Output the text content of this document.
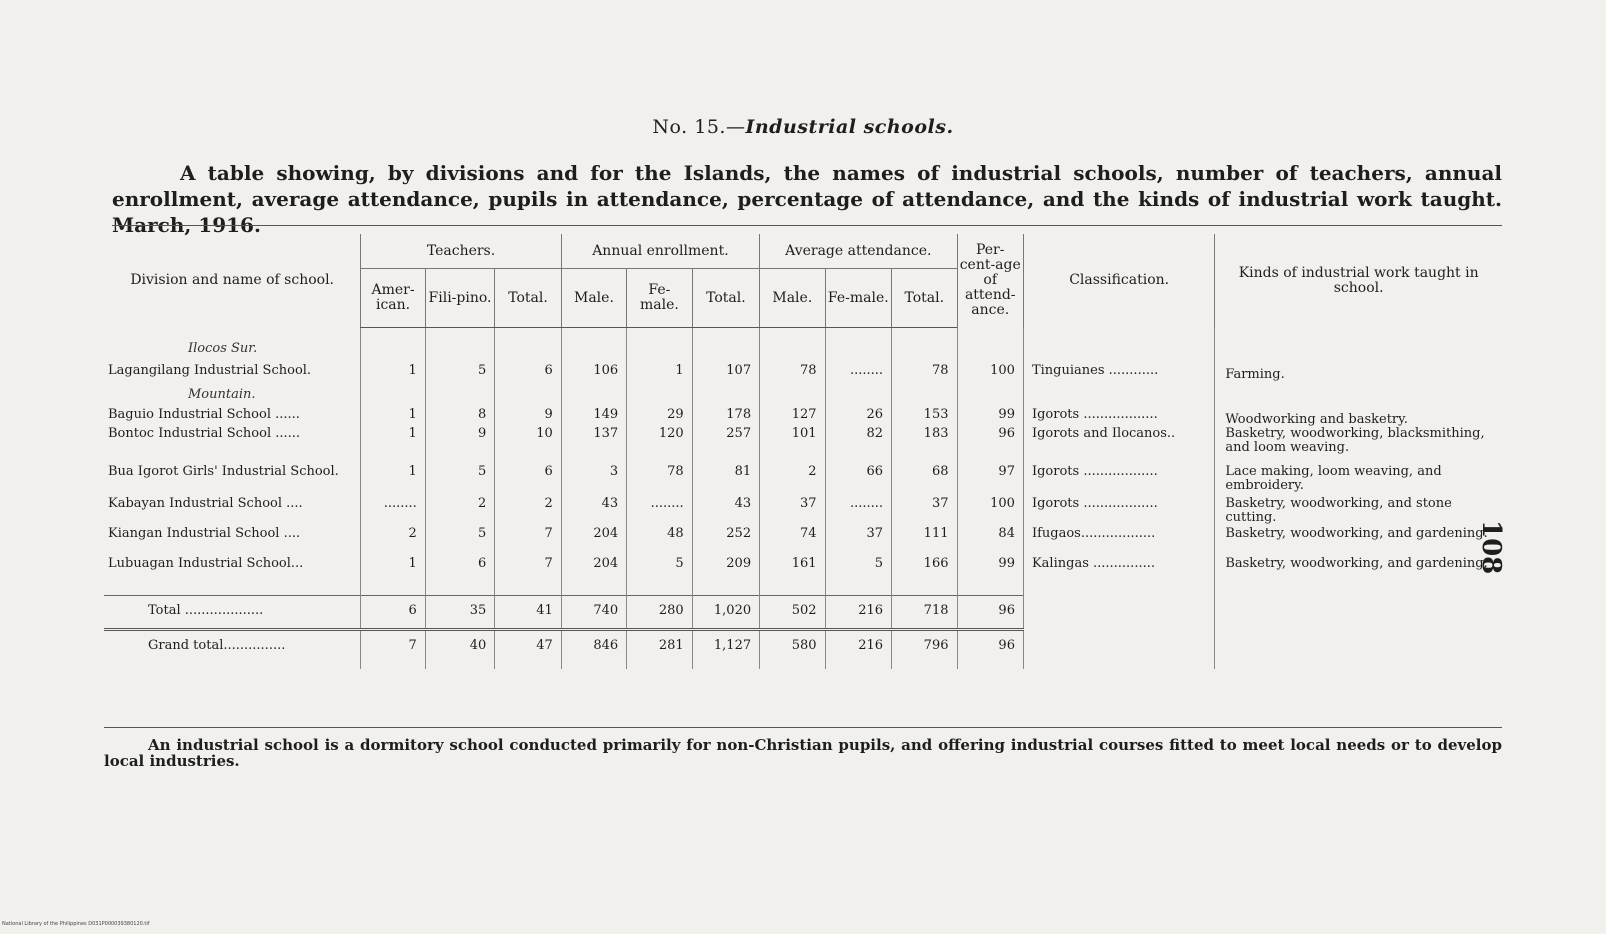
No. 15.—Industrial schools.
A table showing, by divisions and for the Islands, the names of industrial schools, number of teachers, annual enrollment, average attendance, pupils in attendance, percentage of attendance, and the kinds of industrial work taught. March, 1916.
Division and name of school.	Teachers.			Annual enrollment.			Average attendance.			Per-cent-age of attend-ance.	Classification.	Kinds of industrial work taught in school.
	Amer-ican.	Fili-pino.	Total.	Male.	Fe-male.	Total.	Male.	Fe-male.	Total.			
Ilocos Sur.												
Lagangilang Industrial School.	1	5	6	106	1	107	78	........	78	100	Tinguianes ............	Farming.
Mountain.												
Baguio Industrial School ......	1	8	9	149	29	178	127	26	153	99	Igorots ..................	Woodworking and basketry.
Bontoc Industrial School ......	1	9	10	137	120	257	101	82	183	96	Igorots and Ilocanos..	Basketry, woodworking, blacksmithing, and loom weaving.
Bua Igorot Girls' Industrial School.	1	5	6	3	78	81	2	66	68	97	Igorots ..................	Lace making, loom weaving, and embroidery.
Kabayan Industrial School ....	........	2	2	43	........	43	37	........	37	100	Igorots ..................	Basketry, woodworking, and stone cutting.
Kiangan Industrial School ....	2	5	7	204	48	252	74	37	111	84	Ifugaos..................	Basketry, woodworking, and gardening.
Lubuagan Industrial School...	1	6	7	204	5	209	161	5	166	99	Kalingas ...............	Basketry, woodworking, and gardening.
Total ...................	6	35	41	740	280	1,020	502	216	718	96		
Grand total...............	7	40	47	846	281	1,127	580	216	796	96		
An industrial school is a dormitory school conducted primarily for non-Christian pupils, and offering industrial courses fitted to meet local needs or to develop local industries.
108
National Library of the Philippines D031P000039380120.tif
